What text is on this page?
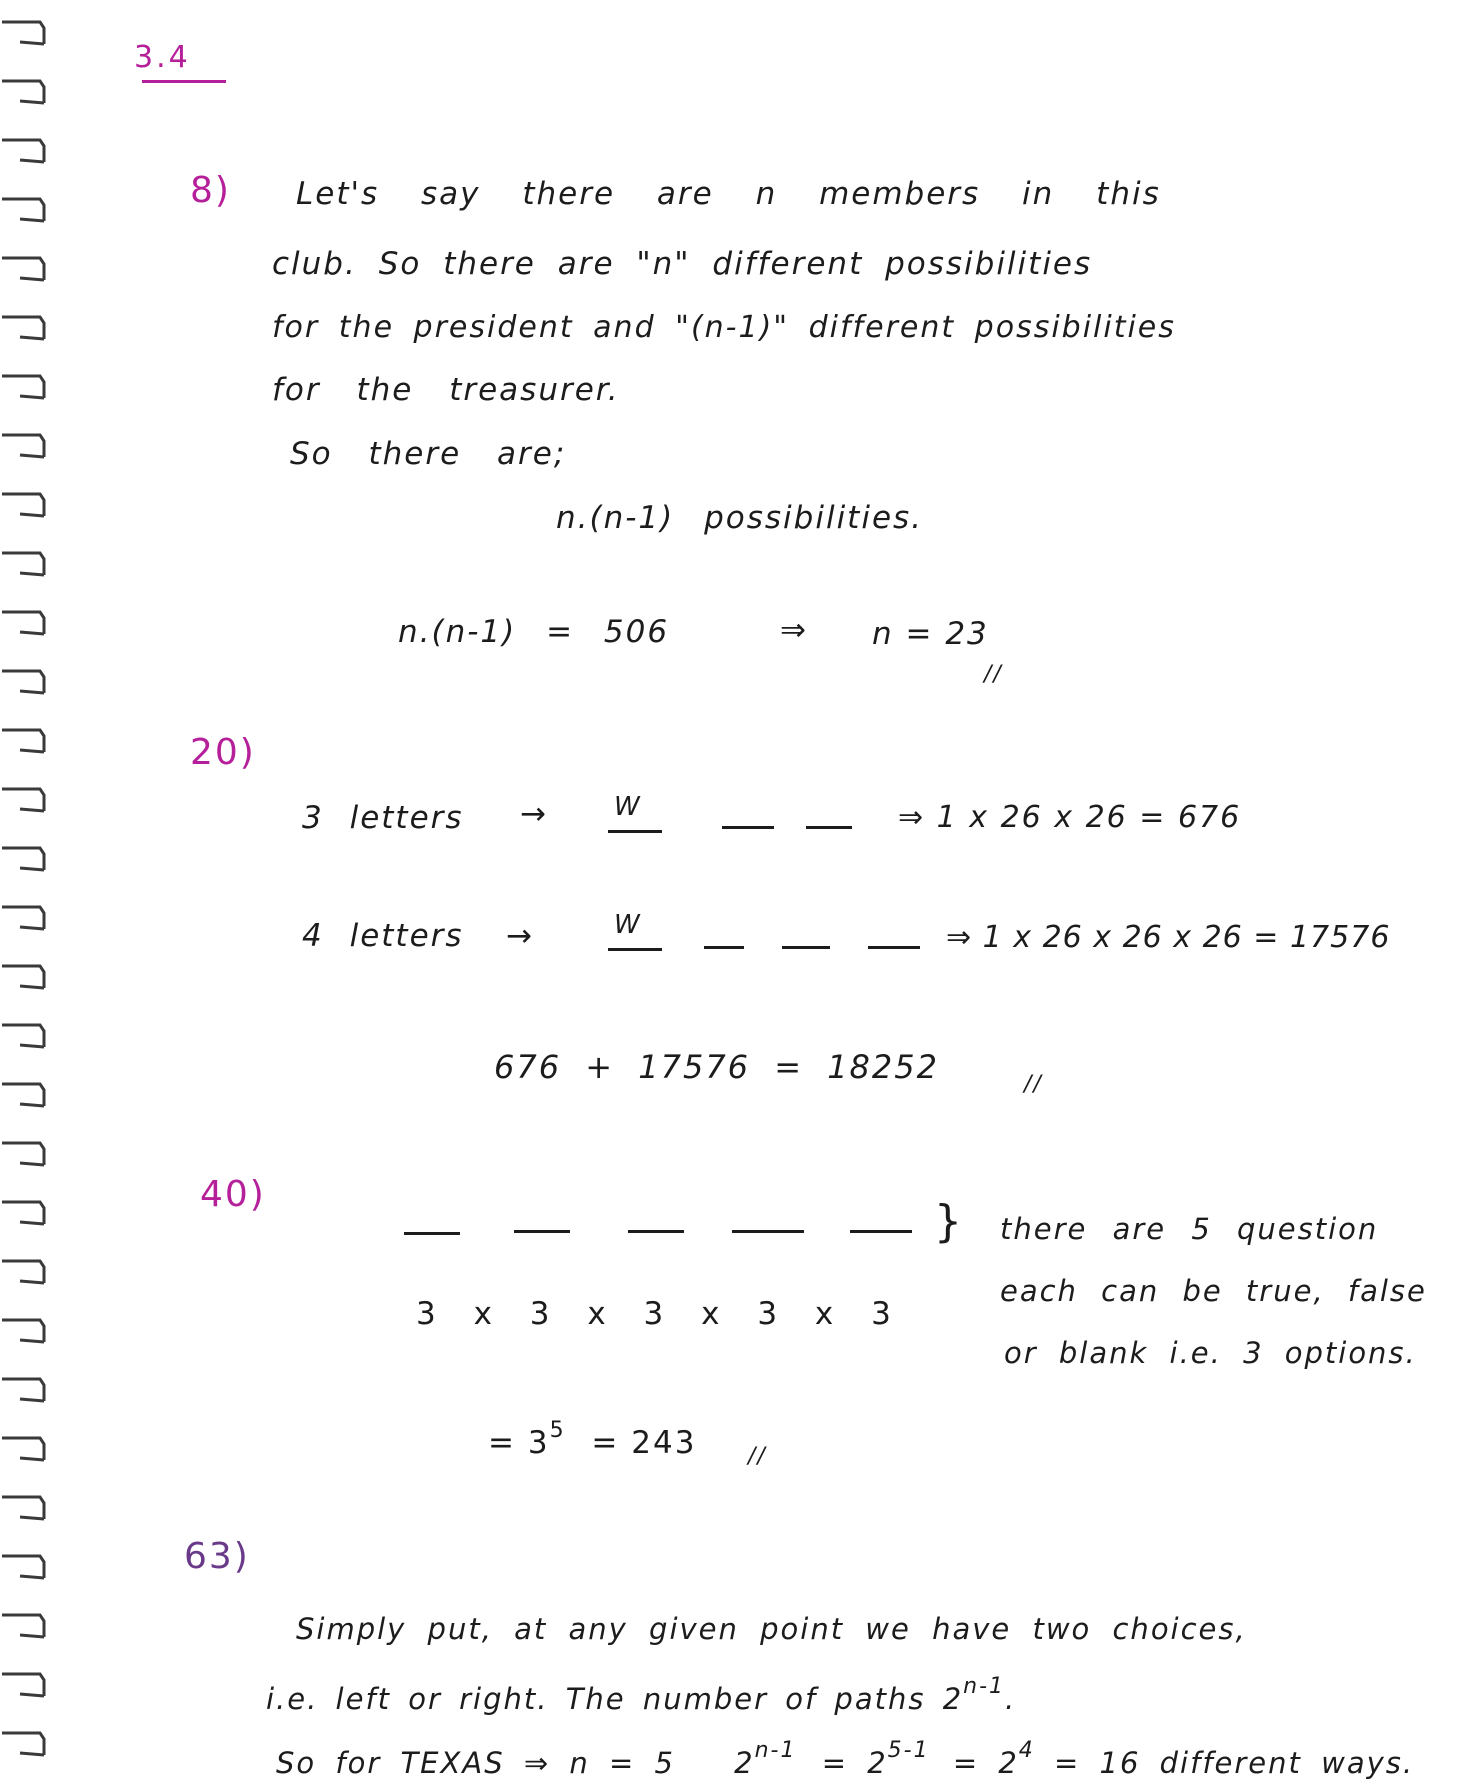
3.4
8) Let's say there are n members in this
club. So there are "n" different possibilities
for the president and "(n-1)" different possibilities
for the treasurer.
So there are;
n.(n-1) possibilities.
n.(n-1) = 506	⇒ n = 23
//
20)
3 letters →	W	⇒ 1 x 26 x 26 = 676
4 letters →	W	⇒ 1 x 26 x 26 x 26 = 17576
676 + 17576 = 18252	//
40)
} there are 5 question
each can be true, false
or blank i.e. 3 options.
3 x 3 x 3 x 3 x 3
= $3^5 = 243$ //
63)
Simply put, at any given point we have two choices,
i.e. left or right. The number of paths 2$^{n-1}$.
So for TEXAS ⇒ n = 5 $2^{n-1} = 2^{5-1} = 2^4 = 16$ different ways.
